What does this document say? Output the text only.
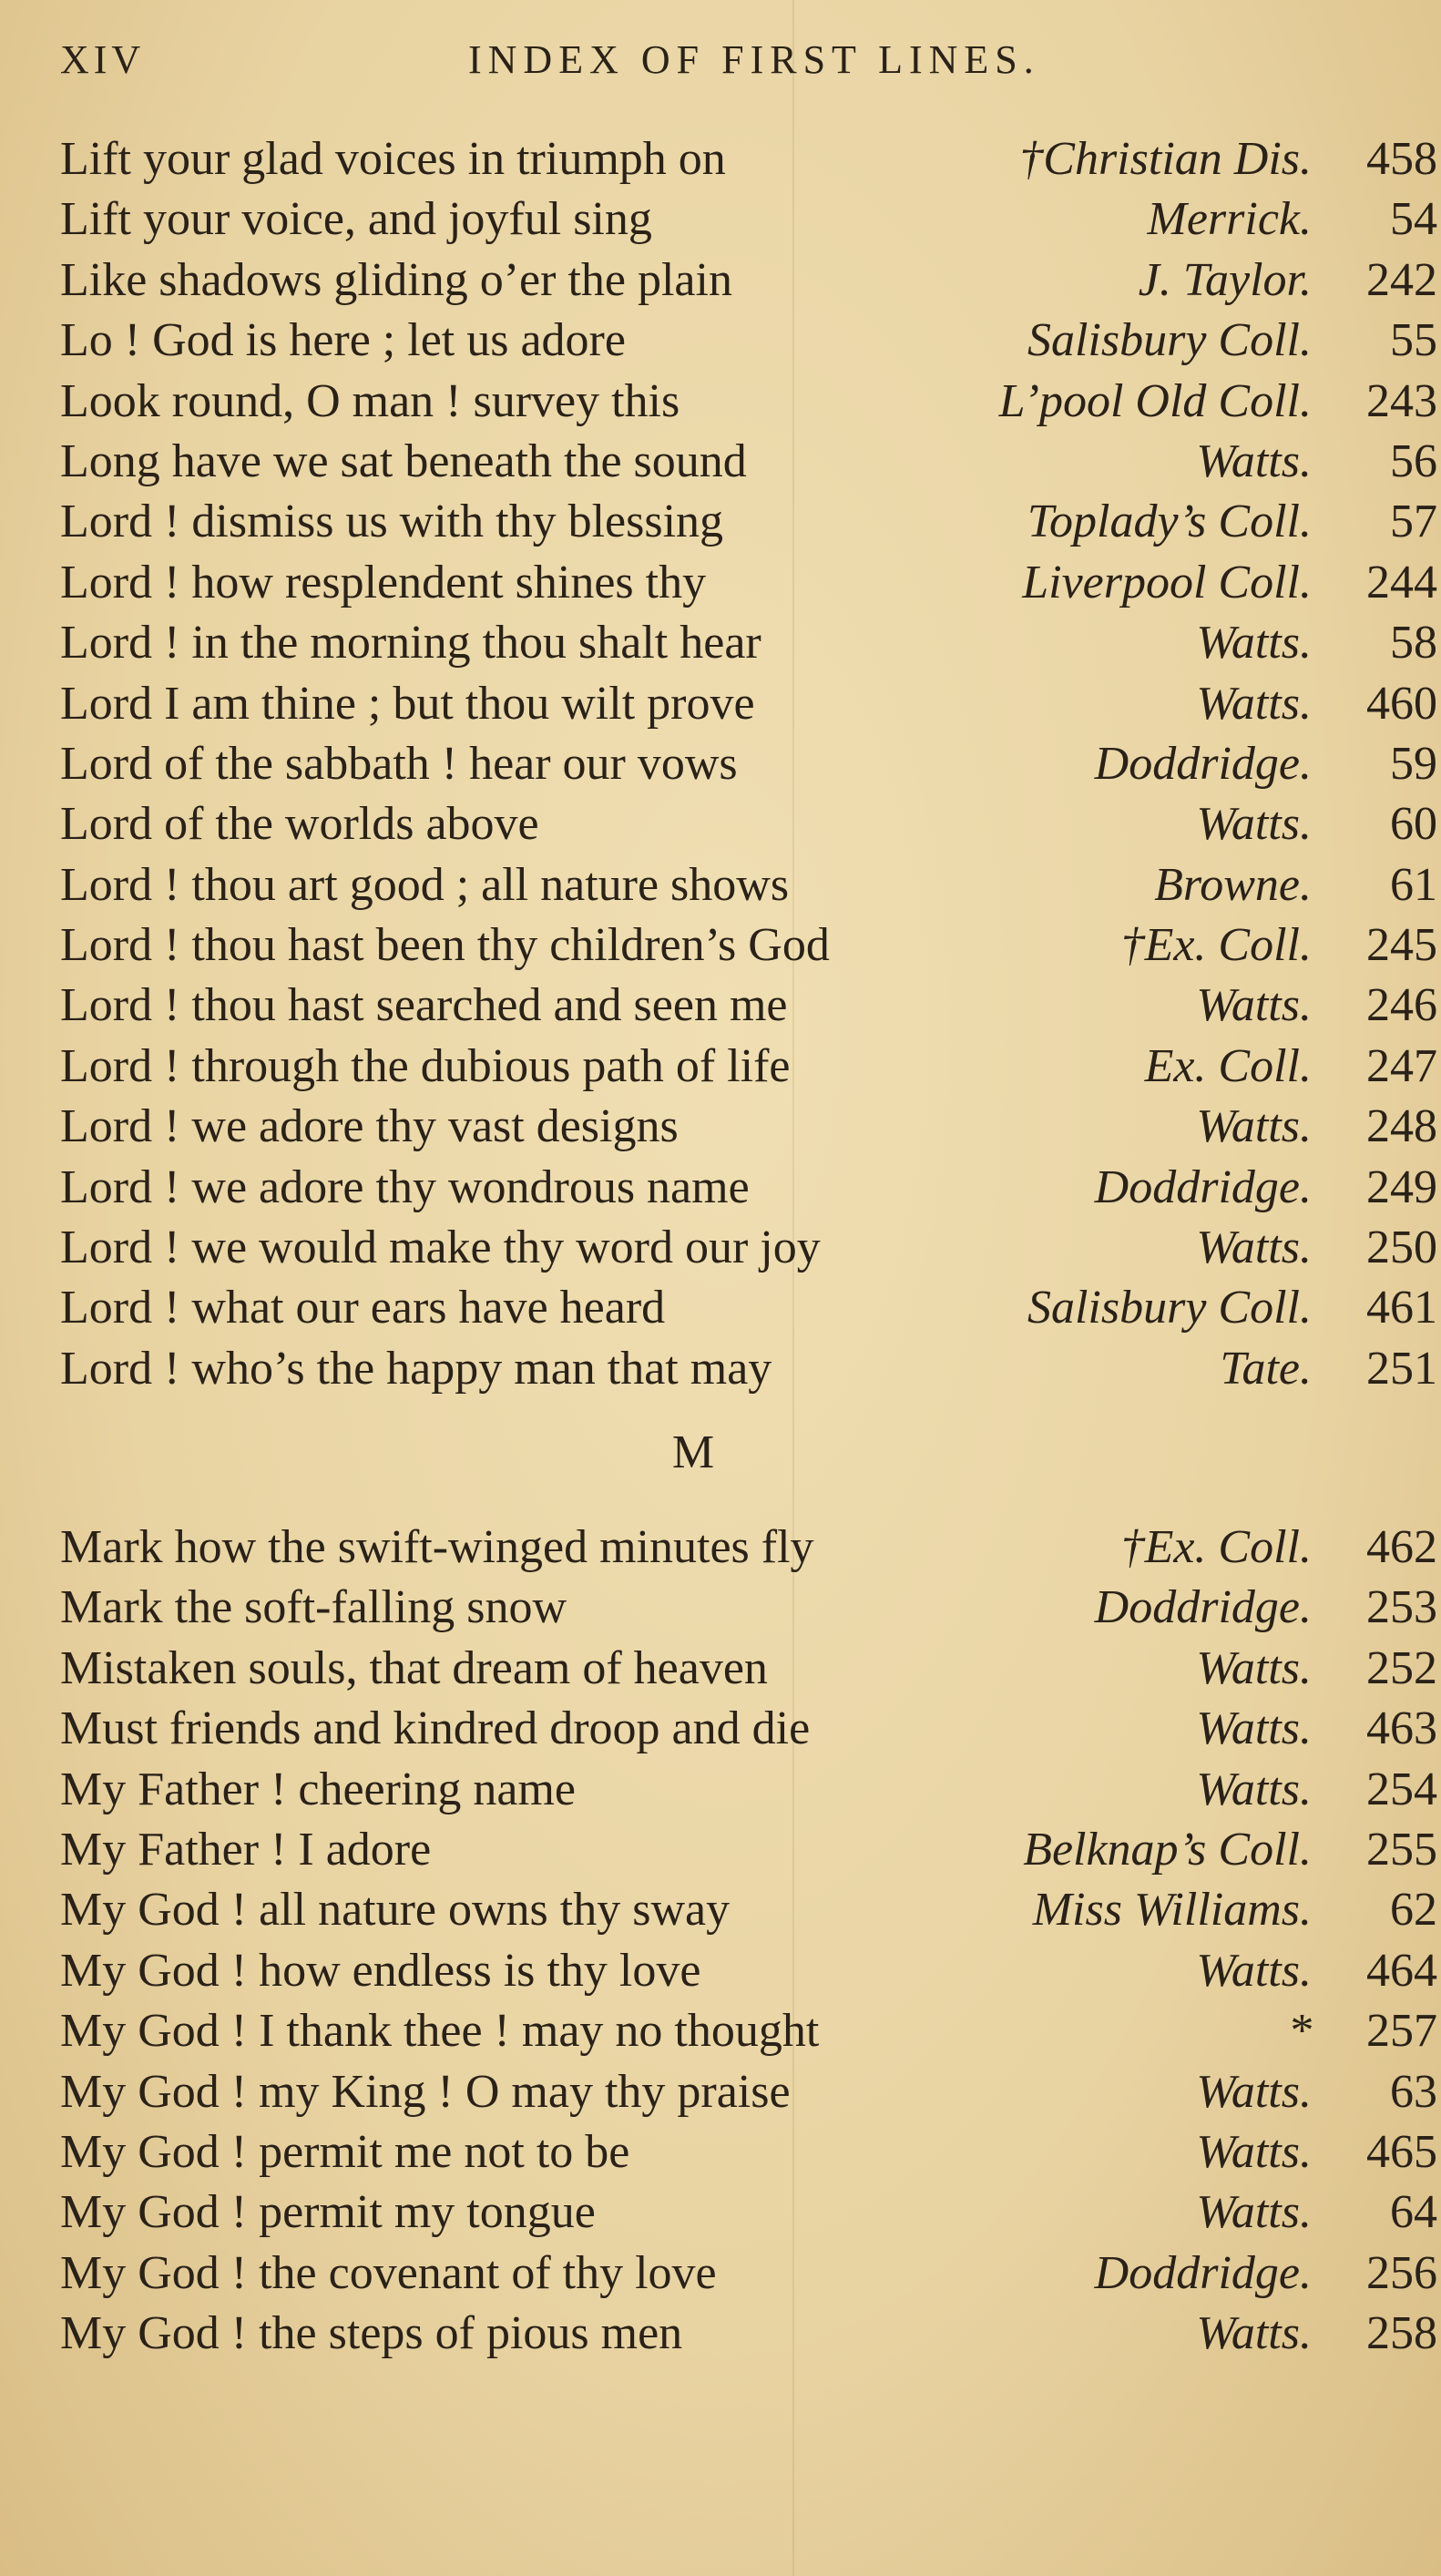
XIV	INDEX OF FIRST LINES.
Lift your glad voices in triumph on	†Christian Dis. 458
Lift your voice, and joyful sing	Merrick. 54
Like shadows gliding o’er the plain	J. Taylor. 242
Lo ! God is here ; let us adore	Salisbury Coll. 55
Look round, O man ! survey this	L’pool Old Coll. 243
Long have we sat beneath the sound	Watts. 56
Lord ! dismiss us with thy blessing	Toplady’s Coll. 57
Lord ! how resplendent shines thy	Liverpool Coll. 244
Lord ! in the morning thou shalt hear	Watts. 58
Lord I am thine ; but thou wilt prove	Watts. 460
Lord of the sabbath ! hear our vows	Doddridge. 59
Lord of the worlds above	Watts. 60
Lord ! thou art good ; all nature shows	Browne. 61
Lord ! thou hast been thy children’s God	†Ex. Coll. 245
Lord ! thou hast searched and seen me	Watts. 246
Lord ! through the dubious path of life	Ex. Coll. 247
Lord ! we adore thy vast designs	Watts. 248
Lord ! we adore thy wondrous name	Doddridge. 249
Lord ! we would make thy word our joy	Watts. 250
Lord ! what our ears have heard	Salisbury Coll. 461
Lord ! who’s the happy man that may	Tate. 251
M
Mark how the swift-winged minutes fly	†Ex. Coll. 462
Mark the soft-falling snow	Doddridge. 253
Mistaken souls, that dream of heaven	Watts. 252
Must friends and kindred droop and die	Watts. 463
My Father ! cheering name	Watts. 254
My Father ! I adore	Belknap’s Coll. 255
My God ! all nature owns thy sway	Miss Williams. 62
My God ! how endless is thy love	Watts. 464
My God ! I thank thee ! may no thought	* 257
My God ! my King ! O may thy praise	Watts. 63
My God ! permit me not to be	Watts. 465
My God ! permit my tongue	Watts. 64
My God ! the covenant of thy love	Doddridge. 256
My God ! the steps of pious men	Watts. 258
